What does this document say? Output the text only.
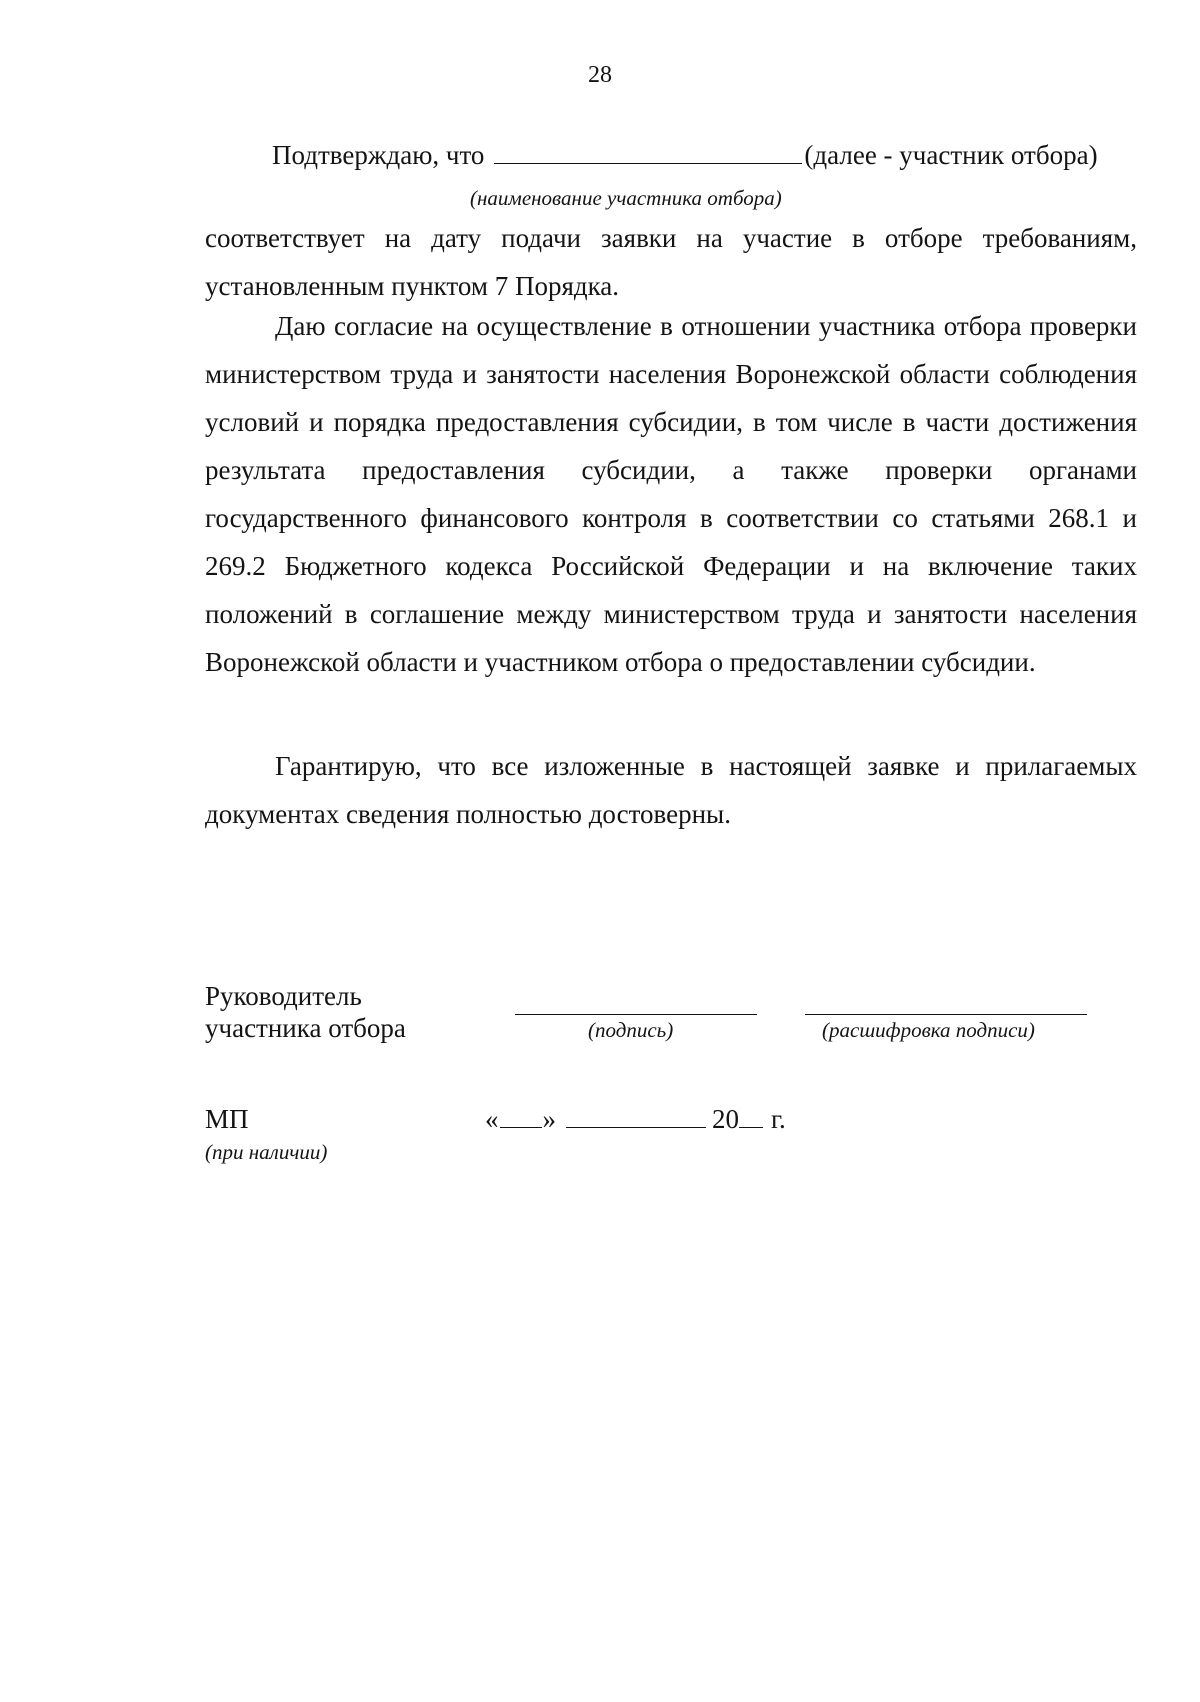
28
Подтверждаю, что	(далее - участник отбора)
(наименование участника отбора)
соответствует на дату подачи заявки на участие в отборе требованиям, установленным пунктом 7 Порядка.
Даю согласие на осуществление в отношении участника отбора проверки министерством труда и занятости населения Воронежской области соблюдения условий и порядка предоставления субсидии, в том числе в части достижения результата предоставления субсидии, а также проверки органами государственного финансового контроля в соответствии со статьями 268.1 и 269.2 Бюджетного кодекса Российской Федерации и на включение таких положений в соглашение между министерством труда и занятости населения Воронежской области и участником отбора о предоставлении субсидии.
Гарантирую, что все изложенные в настоящей заявке и прилагаемых документах сведения полностью достоверны.
Руководитель
участника отбора	(подпись)	(расшифровка подписи)
МП
(при наличии)
« »	20 г.
